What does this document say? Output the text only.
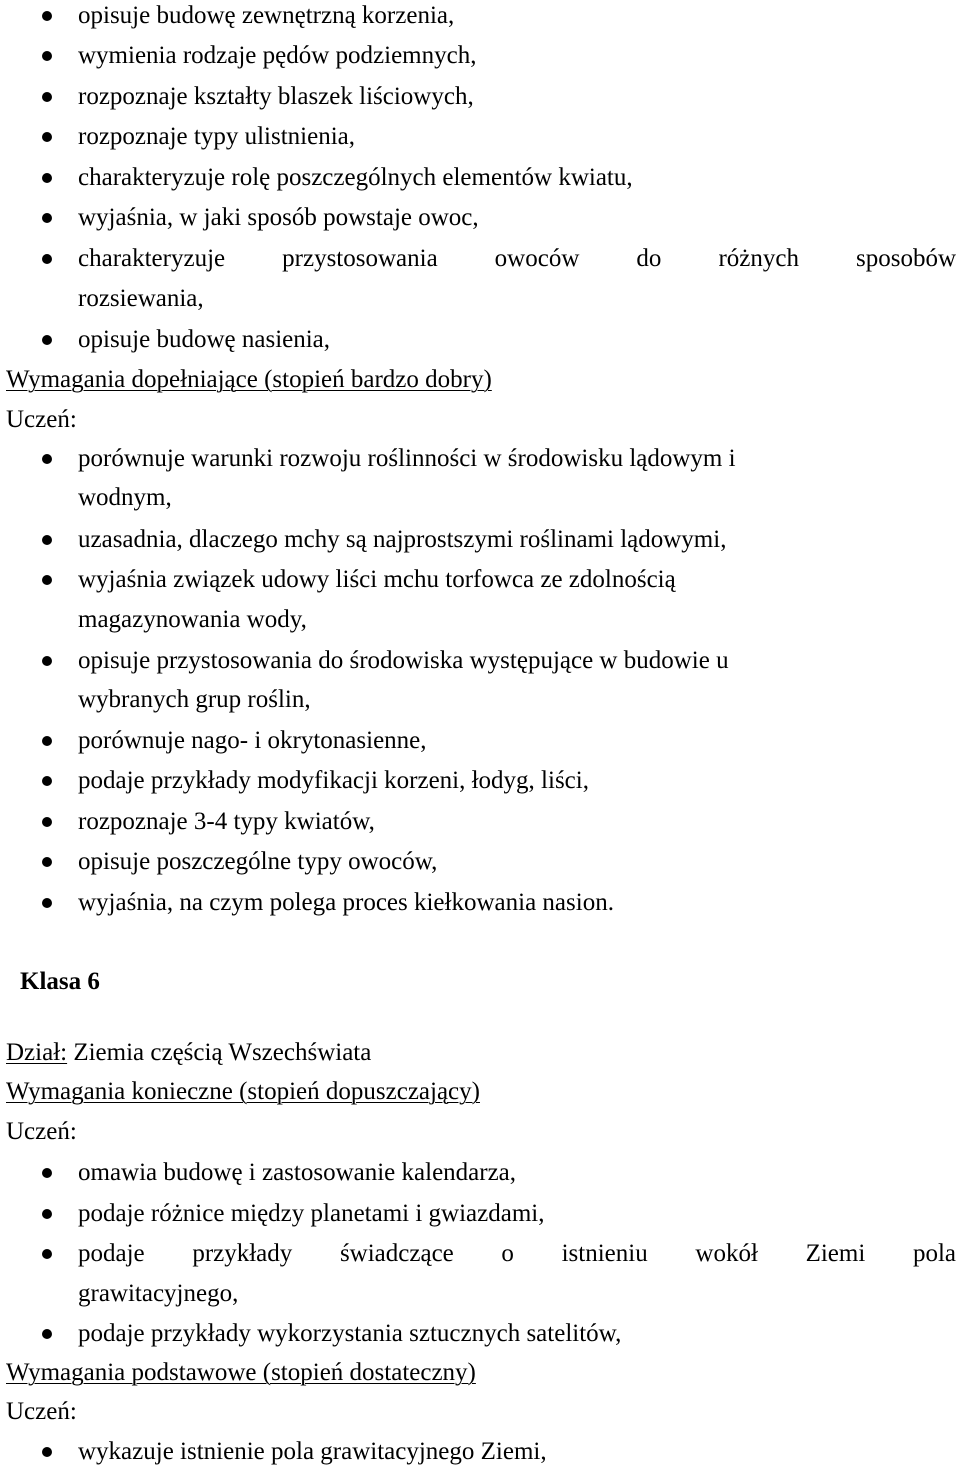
opisuje budowę zewnętrzną korzenia,
wymienia rodzaje pędów podziemnych,
rozpoznaje kształty blaszek liściowych,
rozpoznaje typy ulistnienia,
charakteryzuje rolę poszczególnych elementów kwiatu,
wyjaśnia, w jaki sposób powstaje owoc,
charakteryzuje przystosowania owoców do różnych sposobów
rozsiewania,
opisuje budowę nasienia,
Wymagania dopełniające (stopień bardzo dobry)
Uczeń:
porównuje warunki rozwoju roślinności w środowisku lądowym i
wodnym,
uzasadnia, dlaczego mchy są najprostszymi roślinami lądowymi,
wyjaśnia związek udowy liści mchu torfowca ze zdolnością
magazynowania wody,
opisuje przystosowania do środowiska występujące w budowie u
wybranych grup roślin,
porównuje nago- i okrytonasienne,
podaje przykłady modyfikacji korzeni, łodyg, liści,
rozpoznaje 3-4 typy kwiatów,
opisuje poszczególne typy owoców,
wyjaśnia, na czym polega proces kiełkowania nasion.
Klasa 6
Dział: Ziemia częścią Wszechświata
Wymagania konieczne (stopień dopuszczający)
Uczeń:
omawia budowę i zastosowanie kalendarza,
podaje różnice między planetami i gwiazdami,
podaje przykłady świadczące o istnieniu wokół Ziemi pola
grawitacyjnego,
podaje przykłady wykorzystania sztucznych satelitów,
Wymagania podstawowe (stopień dostateczny)
Uczeń:
wykazuje istnienie pola grawitacyjnego Ziemi,
